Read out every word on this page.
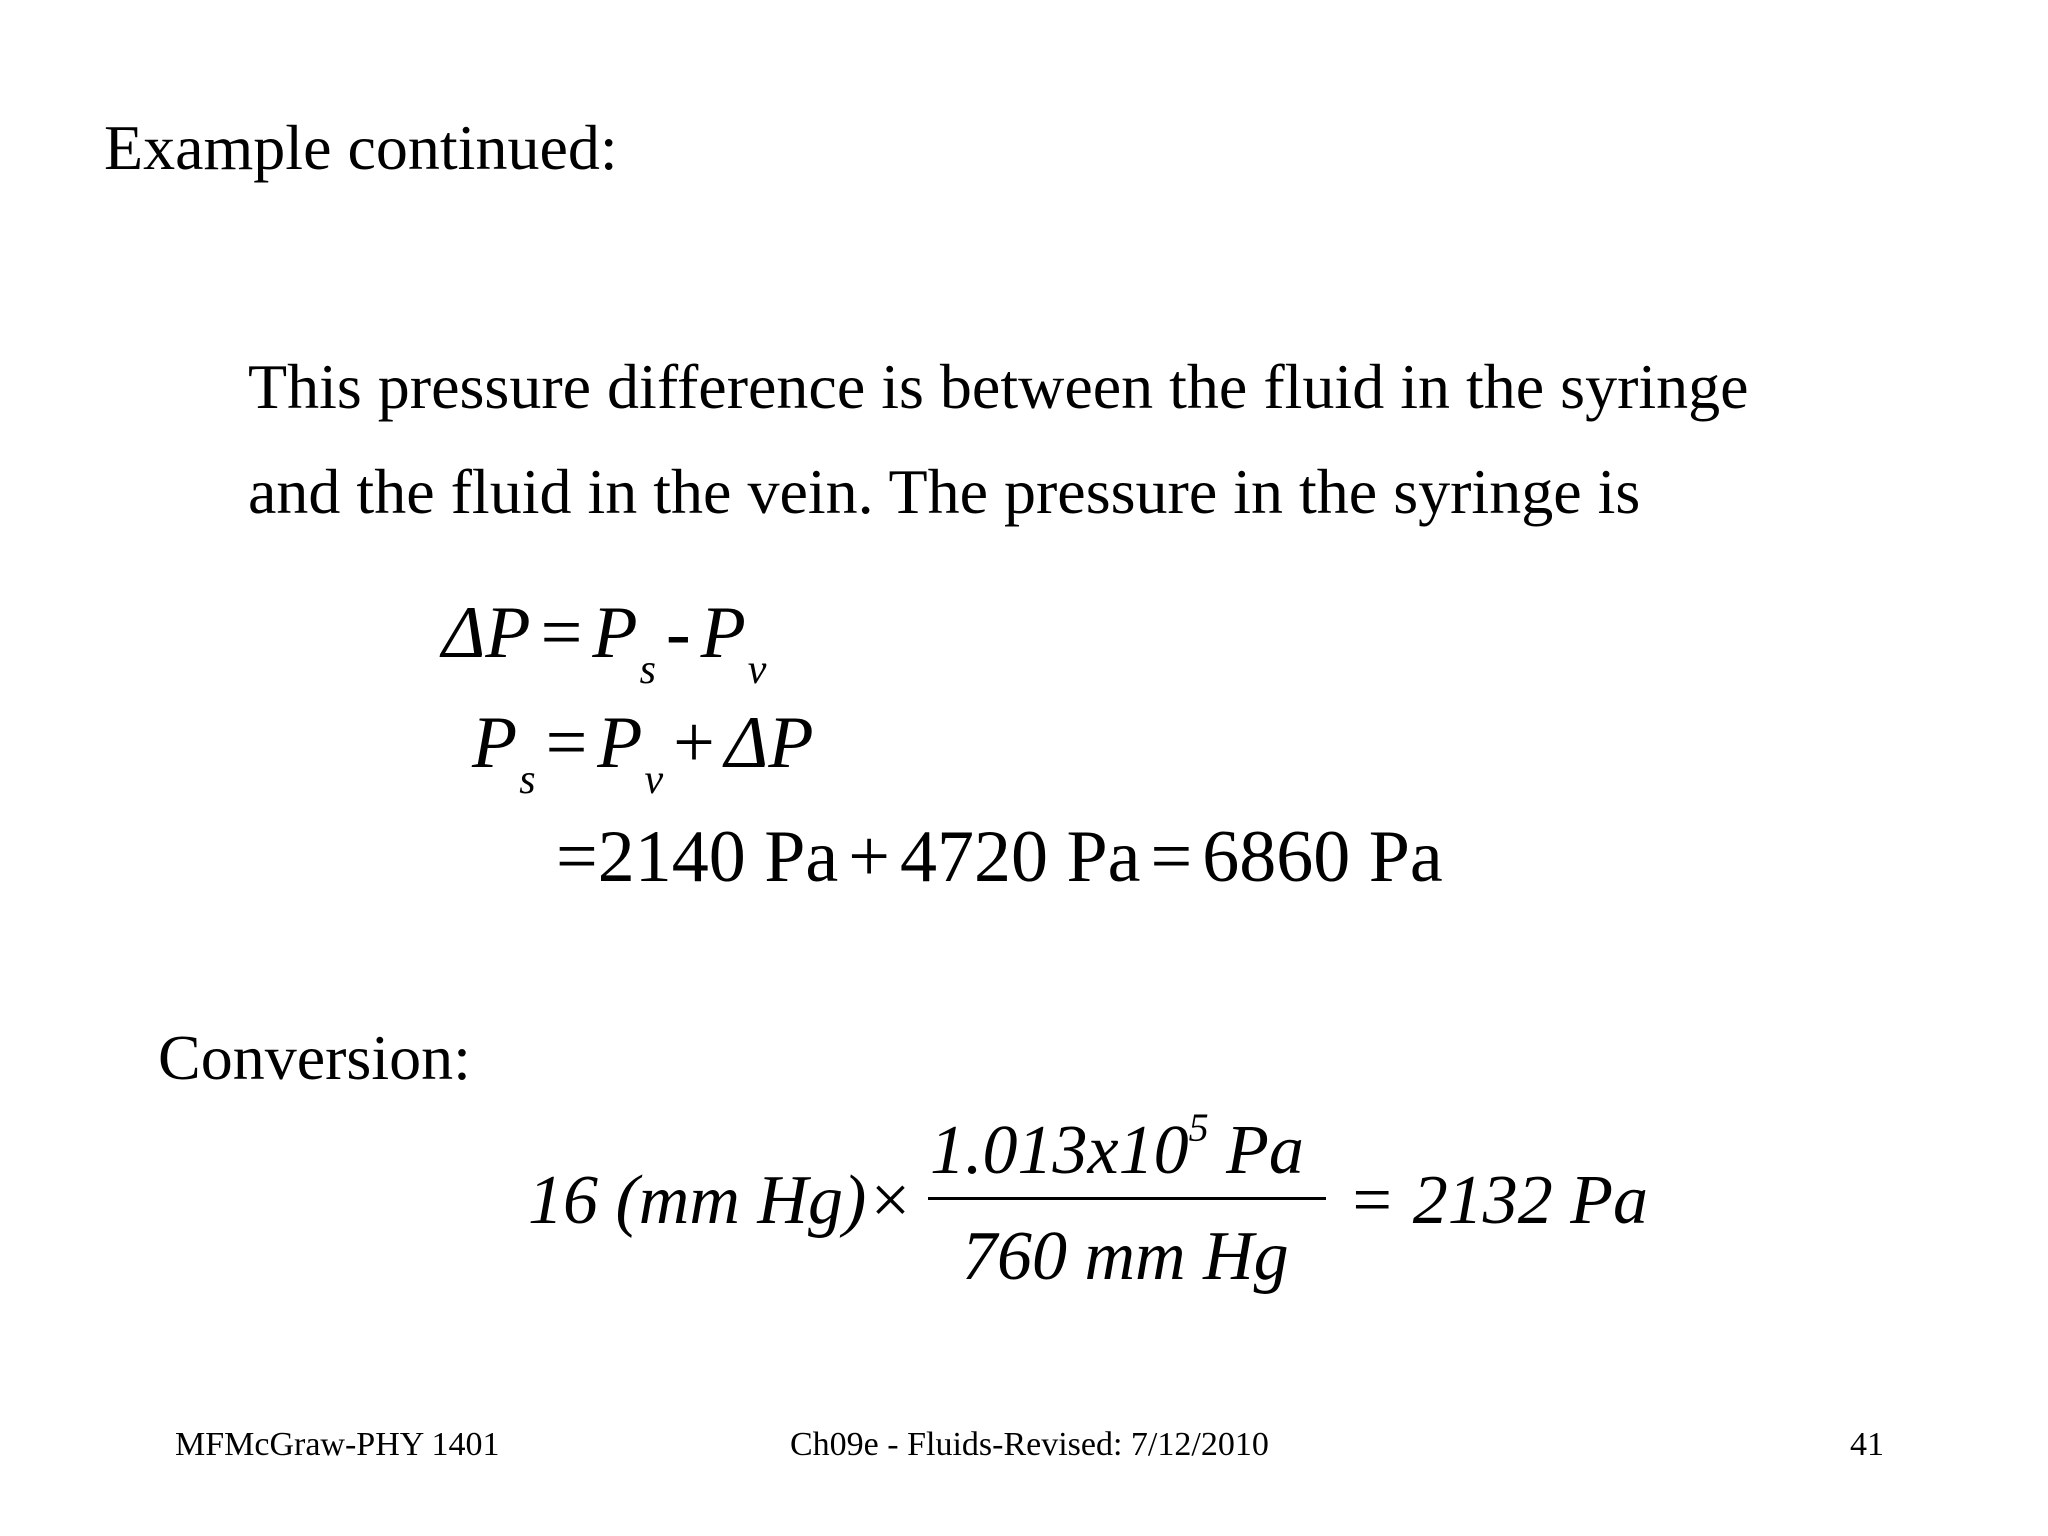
Example continued:
This pressure difference is between the fluid in the syringe
and the fluid in the vein. The pressure in the syringe is
$\Delta P = P_s - P_v$
$P_s = P_v + \Delta P$
=2140 Pa + 4720 Pa = 6860 Pa
Conversion:
16 (mm Hg)×
$1.013x10^5$ Pa
760 mm Hg
= 2132 Pa
MFMcGraw-PHY 1401	Ch09e - Fluids-Revised: 7/12/2010	41
